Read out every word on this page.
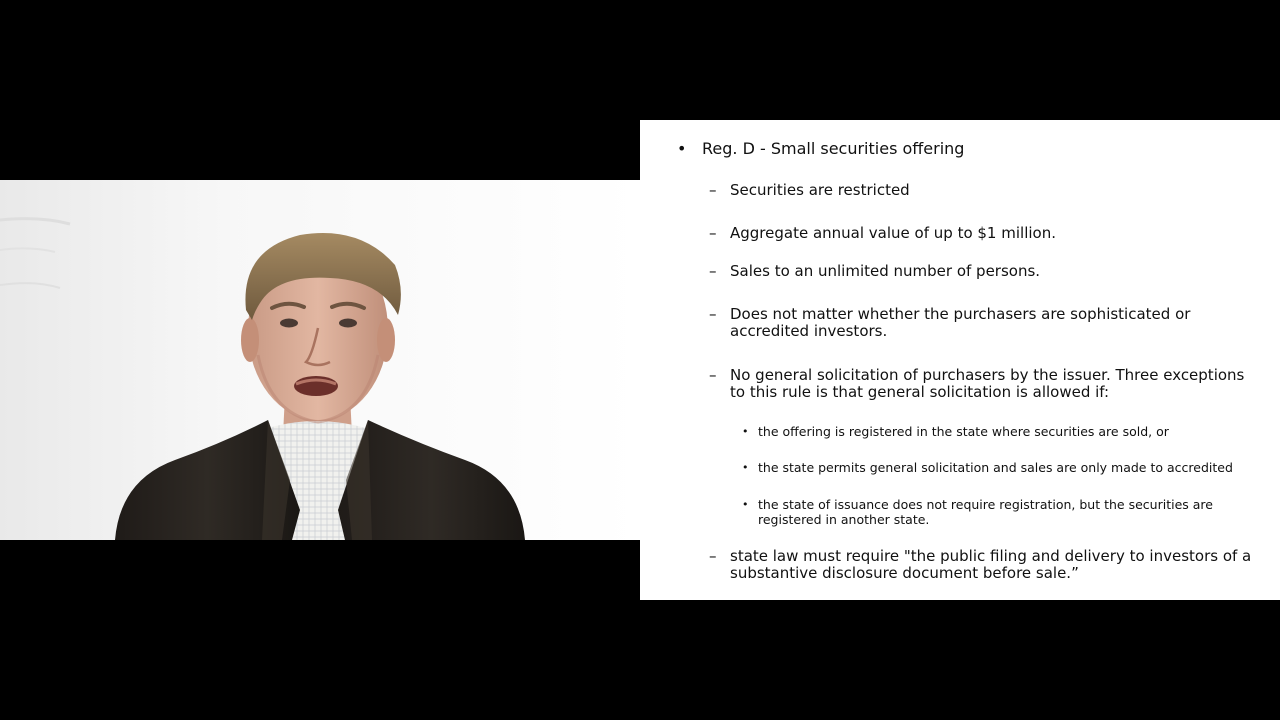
• Reg. D - Small securities offering
– Securities are restricted
– Aggregate annual value of up to $1 million.
– Sales to an unlimited number of persons.
– Does not matter whether the purchasers are sophisticated or
accredited investors.
– No general solicitation of purchasers by the issuer. Three exceptions
to this rule is that general solicitation is allowed if:
• the offering is registered in the state where securities are sold, or
• the state permits general solicitation and sales are only made to accredited
• the state of issuance does not require registration, but the securities are
registered in another state.
– state law must require "the public filing and delivery to investors of a
substantive disclosure document before sale.”
